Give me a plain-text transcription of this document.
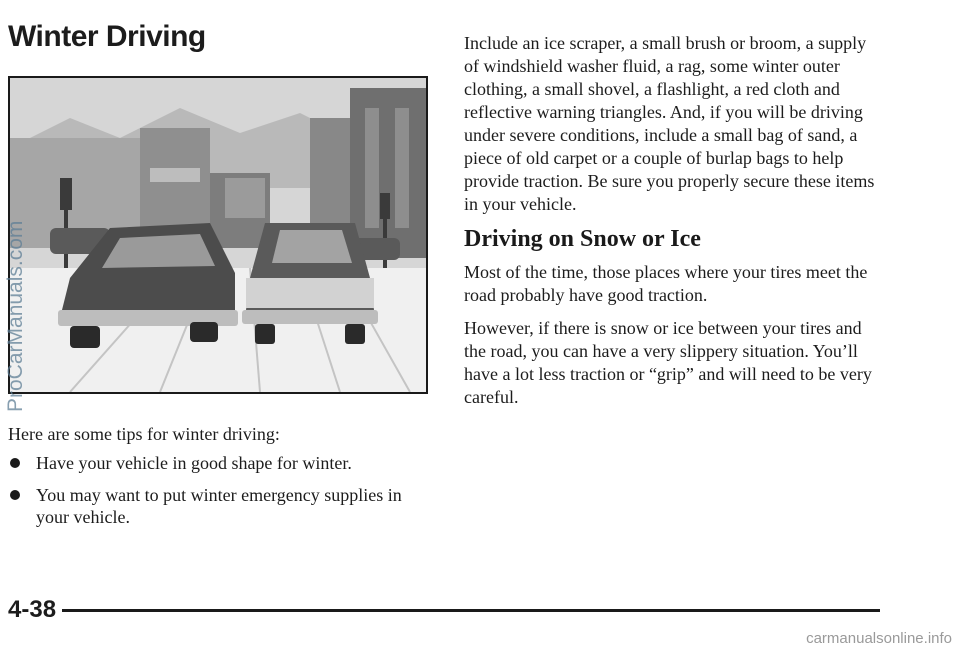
Winter Driving
ProCarManuals.com

Here are some tips for winter driving:

Have your vehicle in good shape for winter.
You may want to put winter emergency supplies in your vehicle.

Include an ice scraper, a small brush or broom, a supply of windshield washer fluid, a rag, some winter outer clothing, a small shovel, a flashlight, a red cloth and reflective warning triangles. And, if you will be driving under severe conditions, include a small bag of sand, a piece of old carpet or a couple of burlap bags to help provide traction. Be sure you properly secure these items in your vehicle.

Driving on Snow or Ice

Most of the time, those places where your tires meet the road probably have good traction.

However, if there is snow or ice between your tires and the road, you can have a very slippery situation. You’ll have a lot less traction or “grip” and will need to be very careful.

4-38

carmanualsonline.info
